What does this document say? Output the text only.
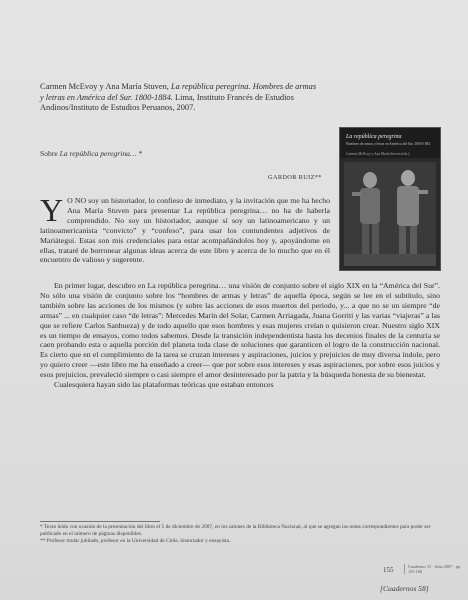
Carmen McEvoy y Ana María Stuven, La república peregrina. Hombres de armas y letras en América del Sur. 1800-1884. Lima, Instituto Francés de Estudios Andinos/Instituto de Estudios Peruanos, 2007.
Sobre La república peregrina… *
GARDOR RUIZ**
La república peregrina
Hombres de armas y letras en América del Sur, 1800-1884
Carmen McEvoy y Ana María Stuven (eds.)

Y O NO soy un historiador, lo confieso de inmediato, y la invitación que me ha hecho Ana María Stuven para presentar La república peregrina… no ha de haberla comprendido. No soy un historiador, aunque sí soy un latinoamericano y un latinoamericanista “convicto” y “confeso”, para usar los contundentes adjetivos de Mariátegui. Estas son mis credenciales para estar acompañándolos hoy y, apoyándome en ellas, trataré de borronear algunas ideas acerca de este libro y acerca de lo mucho que en él encuentro de valioso y sugerente.

En primer lugar, descubro en La república peregrina… una visión de conjunto sobre el siglo XIX en la “América del Sur”. No sólo una visión de conjunto sobre los “hombres de armas y letras” de aquella época, según se lee en el subtítulo, sino también sobre las acciones de los mismos (y sobre las acciones de esos muertos del periodo, y... a que no se un siempre “de armas” ... en cualquier caso “de letras”: Mercedes Marín del Solar, Carmen Arriagada, Juana Gorriti y las varias “viajeras” a las que se refiere Carlos Sanhueza) y de todo aquello que esos hombres y esas mujeres creían o quisieron crear. Nuestro siglo XIX es un tiempo de ensayos, como todos sabemos. Desde la transición independentista hasta los decenios finales de la centuria se caen probando esta o aquella porción del planeta toda clase de soluciones que garanticen el logro de la construcción nacional. Es cierto que en el cumplimiento de la tarea se cruzan intereses y aspiraciones, juicios y prejuicios de muy diversa índole, pero yo quiero creer —este libro me ha enseñado a creer— que por sobre esos intereses y esas aspiraciones, por sobre esos juicios y esos prejuicios, prevaleció siempre o casi siempre el amor desinteresado por la patria y la búsqueda honesta de su bienestar.

Cualesquiera hayan sido las plataformas teóricas que estaban entonces

* Texto leído con ocasión de la presentación del libro el 5 de diciembre de 2007, en los salones de la Biblioteca Nacional, al que se agregan las notas correspondientes para poder ser publicado en el número de páginas disponibles.
** Profesor titular jubilado, profesor en la Universidad de Chile, historiador y ensayista.
155	Cuadernos 15 · Julio 2007 · pp. 155-160
[Cuadernos 58]
